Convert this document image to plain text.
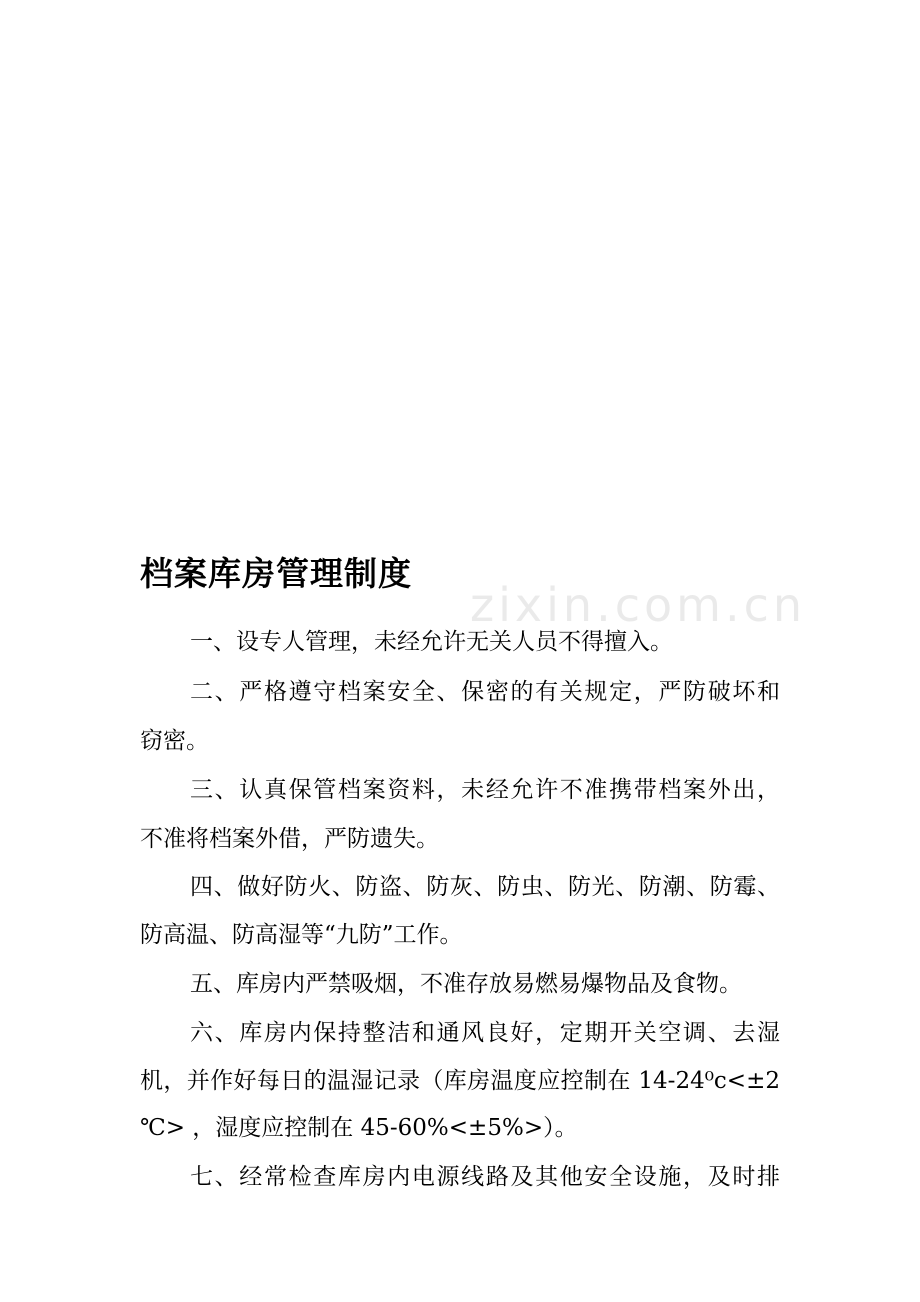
zixin.com.cn
档案库房管理制度
一、设专人管理，未经允许无关人员不得擅入。
二、严格遵守档案安全、保密的有关规定，严防破坏和
窃密。
三、认真保管档案资料，未经允许不准携带档案外出，
不准将档案外借，严防遗失。
四、做好防火、防盗、防灰、防虫、防光、防潮、防霉、
防高温、防高湿等“九防”工作。
五、库房内严禁吸烟，不准存放易燃易爆物品及食物。
六、库房内保持整洁和通风良好，定期开关空调、去湿
机，并作好每日的温湿记录（库房温度应控制在 14-24⁰c<±2
℃> ，湿度应控制在 45-60%<±5%>）。
七、经常检查库房内电源线路及其他安全设施，及时排
